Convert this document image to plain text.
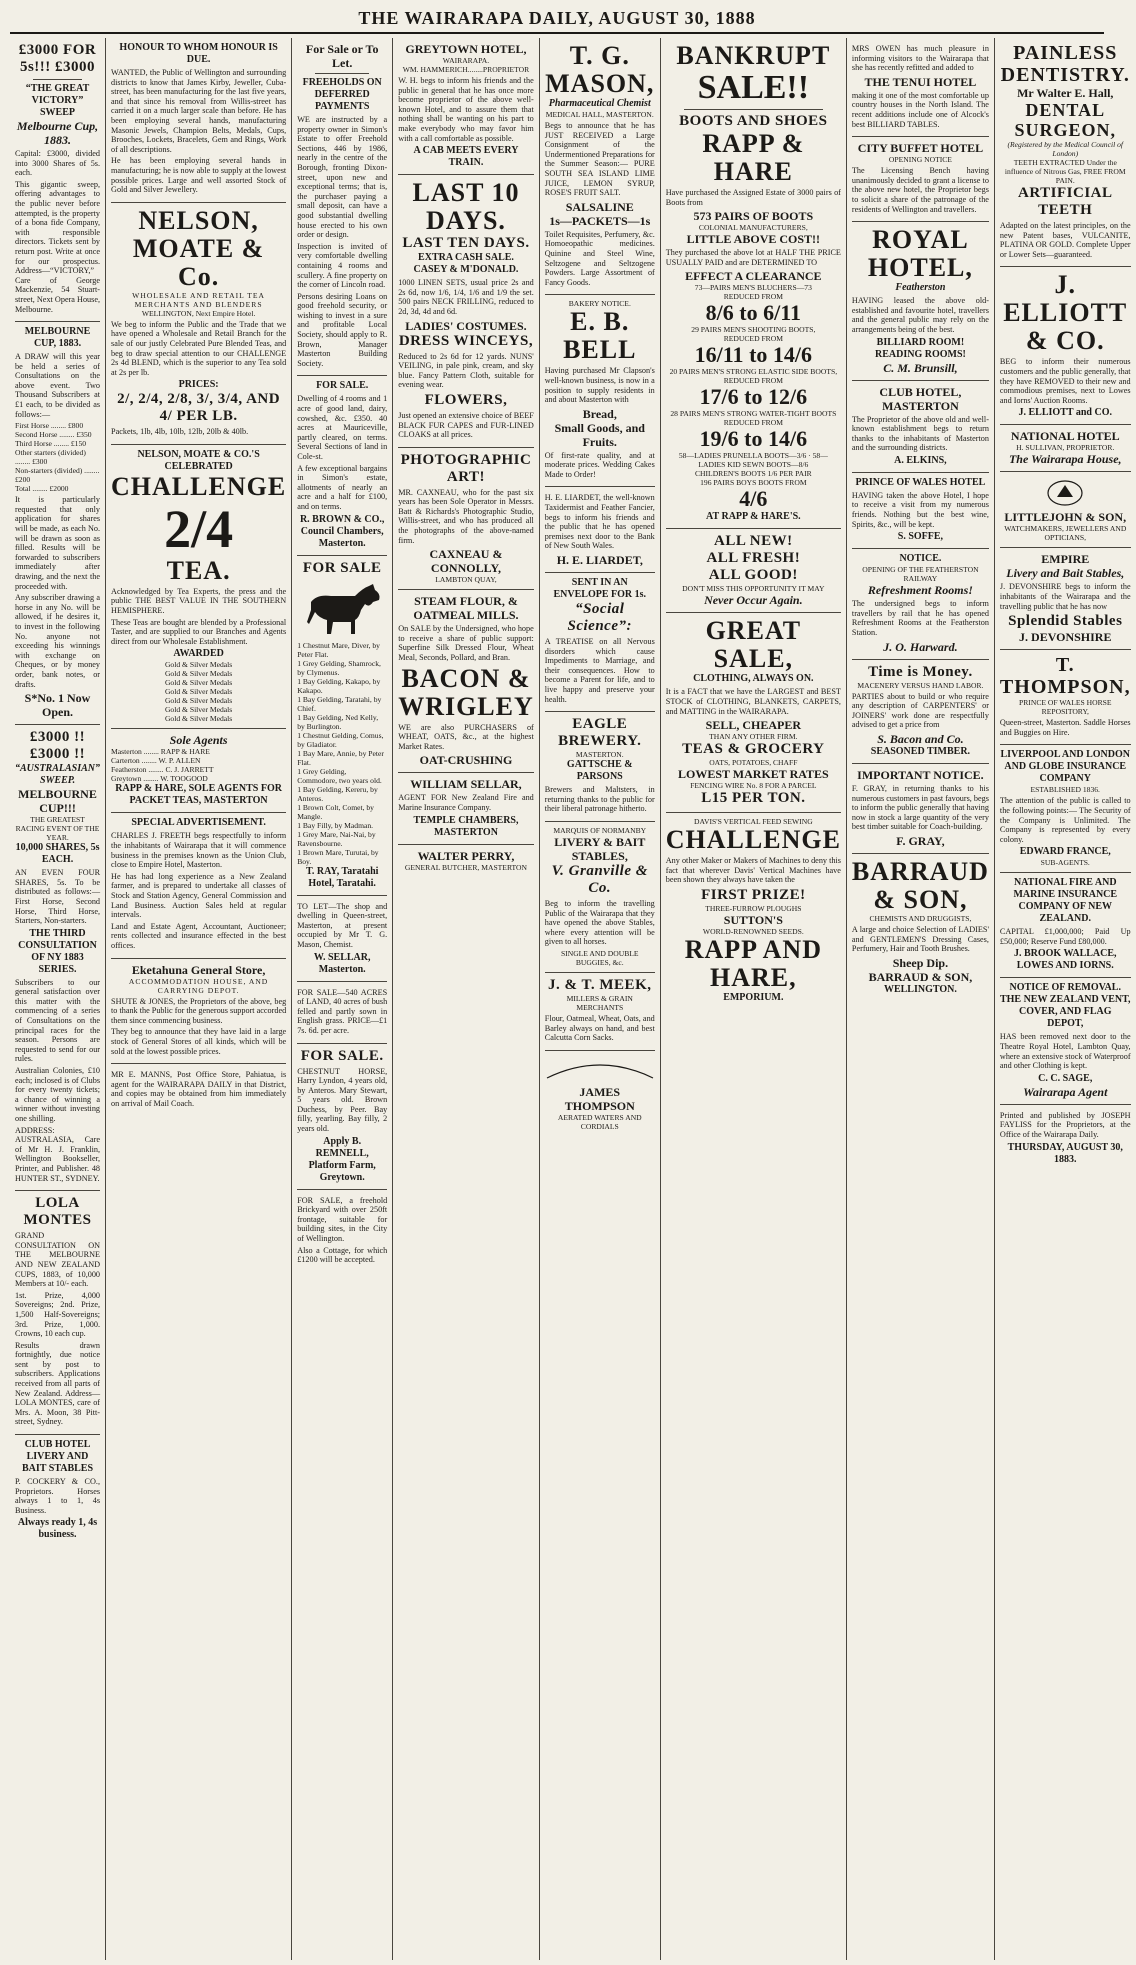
THE WAIRARAPA DAILY, AUGUST 30, 1888
£3000 FOR 5s!!! £3000
“THE GREAT VICTORY” SWEEP
Melbourne Cup, 1883.
Capital: £3000, divided into 3000 Shares of 5s. each.
This gigantic sweep, offering advantages to the public never before attempted, is the property of a bona fide Company, with responsible directors. Tickets sent by return post. Write at once for our prospectus. Address—“VICTORY,” Care of George Mackenzie, 54 Stuart-street, Next Opera House, Melbourne.
MELBOURNE CUP, 1883.
A DRAW will this year be held a series of Consultations on the above event. Two Thousand Subscribers at £1 each, to be divided as follows:—
First Horse ........ £800
Second Horse ........ £350
Third Horse ........ £150
Other starters (divided) ........ £300
Non-starters (divided) ........ £200
Total ........ £2000
It is particularly requested that only application for shares will be made, as each No. will be drawn as soon as filled. Results will be forwarded to subscribers immediately after drawing, and the next the proceeded with.
Any subscriber drawing a horse in any No. will be allowed, if he desires it, to invest in the following No. anyone not exceeding his winnings with exchange on Cheques, or by money order, bank notes, or drafts.
S*No. 1 Now Open.
£3000 !! £3000 !!
“AUSTRALASIAN” SWEEP.
MELBOURNE CUP!!!
THE GREATEST RACING EVENT OF THE YEAR.
10,000 SHARES, 5s EACH.
AN EVEN FOUR SHARES, 5s. To be distributed as follows:—First Horse, Second Horse, Third Horse, Starters, Non-starters.
THE THIRD CONSULTATION OF NY 1883 SERIES.
Subscribers to our general satisfaction over this matter with the commencing of a series of Consultations on the principal races for the season. Persons are requested to send for our rules.
Australian Colonies, £10 each; inclosed is of Clubs for every twenty tickets; a chance of winning a winner without investing one shilling.
ADDRESS: AUSTRALASIA, Care of Mr H. J. Franklin, Wellington Bookseller, Printer, and Publisher. 48 HUNTER ST., SYDNEY.
LOLA MONTES
GRAND CONSULTATION ON THE MELBOURNE AND NEW ZEALAND CUPS, 1883, of 10,000 Members at 10/- each.
1st. Prize, 4,000 Sovereigns; 2nd. Prize, 1,500 Half-Sovereigns; 3rd. Prize, 1,000. Crowns, 10 each cup.
Results drawn fortnightly, due notice sent by post to subscribers. Applications received from all parts of New Zealand. Address—LOLA MONTES, care of Mrs. A. Moon, 38 Pitt-street, Sydney.
CLUB HOTEL LIVERY AND BAIT STABLES
P. COCKERY & CO., Proprietors. Horses always 1 to 1, 4s Business.
Always ready 1, 4s business.
HONOUR TO WHOM HONOUR IS DUE.
WANTED, the Public of Wellington and surrounding districts to know that James Kirby, Jeweller, Cuba-street, has been manufacturing for the last five years, and that since his removal from Willis-street has carried it on a much larger scale than before. He has been employing several hands, manufacturing Masonic Jewels, Champion Belts, Medals, Cups, Brooches, Lockets, Bracelets, Gem and Rings, Work of all descriptions.
He has been employing several hands in manufacturing; he is now able to supply at the lowest possible prices. Large and well assorted Stock of Gold and Silver Jewellery.
NELSON, MOATE & Co.
WHOLESALE AND RETAIL TEA MERCHANTS AND BLENDERS
WELLINGTON, Next Empire Hotel.
We beg to inform the Public and the Trade that we have opened a Wholesale and Retail Branch for the sale of our justly Celebrated Pure Blended Teas, and beg to draw special attention to our CHALLENGE 2s 4d BLEND, which is the superior to any Tea sold at 2s per lb.
PRICES:
2/, 2/4, 2/8, 3/, 3/4, AND 4/ PER LB.
Packets, 1lb, 4lb, 10lb, 12lb, 20lb & 40lb.
NELSON, MOATE & CO.'S CELEBRATED
CHALLENGE
2/4
TEA.
Acknowledged by Tea Experts, the press and the public THE BEST VALUE IN THE SOUTHERN HEMISPHERE.
These Teas are bought are blended by a Professional Taster, and are supplied to our Branches and Agents direct from our Wholesale Establishment.
AWARDED
Gold & Silver Medals
Gold & Silver Medals
Gold & Silver Medals
Gold & Silver Medals
Gold & Silver Medals
Gold & Silver Medals
Gold & Silver Medals
Sole Agents
Masterton ........ RAPP & HARE
Carterton ........ W. P. ALLEN
Featherston ........ C. J. JARRETT
Greytown ........ W. TOOGOOD
RAPP & HARE, SOLE AGENTS FOR PACKET TEAS, MASTERTON
SPECIAL ADVERTISEMENT.
CHARLES J. FREETH begs respectfully to inform the inhabitants of Wairarapa that it will commence business in the premises known as the Union Club, close to Empire Hotel, Masterton.
He has had long experience as a New Zealand farmer, and is prepared to undertake all classes of Stock and Station Agency, General Commission and Land Business. Auction Sales held at regular intervals.
Land and Estate Agent, Accountant, Auctioneer; rents collected and insurance effected in the best offices.
Eketahuna General Store,
ACCOMMODATION HOUSE, AND CARRYING DEPOT.
SHUTE & JONES, the Proprietors of the above, beg to thank the Public for the generous support accorded them since commencing business.
They beg to announce that they have laid in a large stock of General Stores of all kinds, which will be sold at the lowest possible prices.
MR E. MANNS, Post Office Store, Pahiatua, is agent for the WAIRARAPA DAILY in that District, and copies may be obtained from him immediately on arrival of Mail Coach.
For Sale or To Let.
FREEHOLDS ON DEFERRED PAYMENTS
WE are instructed by a property owner in Simon's Estate to offer Freehold Sections, 446 by 1986, nearly in the centre of the Borough, fronting Dixon-street, upon new and exceptional terms; that is, the purchaser paying a small deposit, can have a good substantial dwelling house erected to his own order or design.
Inspection is invited of very comfortable dwelling containing 4 rooms and scullery. A fine property on the corner of Lincoln road.
Persons desiring Loans on good freehold security, or wishing to invest in a sure and profitable Local Society, should apply to R. Brown, Manager Masterton Building Society.
FOR SALE.
Dwelling of 4 rooms and 1 acre of good land, dairy, cowshed, &c. £350. 40 acres at Mauriceville, partly cleared, on terms. Several Sections of land in Cole-st.
A few exceptional bargains in Simon's estate, allotments of nearly an acre and a half for £100, and on terms.
R. BROWN & CO., Council Chambers, Masterton.
FOR SALE
1 Chestnut Mare, Diver, by Peter Flat.
1 Grey Gelding, Shamrock, by Clymenus.
1 Bay Gelding, Kakapo, by Kakapo.
1 Bay Gelding, Taratahi, by Chief.
1 Bay Gelding, Ned Kelly, by Burlington.
1 Chestnut Gelding, Comus, by Gladiator.
1 Bay Mare, Annie, by Peter Flat.
1 Grey Gelding, Commodore, two years old.
1 Bay Gelding, Kereru, by Anteros.
1 Brown Colt, Comet, by Mangle.
1 Bay Filly, by Madman.
1 Grey Mare, Nai-Nai, by Ravensbourne.
1 Brown Mare, Turutai, by Boy.
T. RAY, Taratahi Hotel, Taratahi.
TO LET—The shop and dwelling in Queen-street, Masterton, at present occupied by Mr T. G. Mason, Chemist.
W. SELLAR, Masterton.
FOR SALE—540 ACRES of LAND, 40 acres of bush felled and partly sown in English grass. PRICE—£1 7s. 6d. per acre.
FOR SALE.
CHESTNUT HORSE, Harry Lyndon, 4 years old, by Anteros. Mary Stewart, 5 years old. Brown Duchess, by Peer. Bay filly, yearling. Bay filly, 2 years old.
Apply B. REMNELL, Platform Farm, Greytown.
FOR SALE, a freehold Brickyard with over 250ft frontage, suitable for building sites, in the City of Wellington.
Also a Cottage, for which £1200 will be accepted.
GREYTOWN HOTEL,
WAIRARAPA.
WM. HAMMERICH........PROPRIETOR
W. H. begs to inform his friends and the public in general that he has once more become proprietor of the above well-known Hotel, and to assure them that nothing shall be wanting on his part to make everybody who may favor him with a call comfortable as possible.
A CAB MEETS EVERY TRAIN.
LAST 10 DAYS.
LAST TEN DAYS.
EXTRA CASH SALE.
CASEY & M'DONALD.
1000 LINEN SETS, usual price 2s and 2s 6d, now 1/6, 1/4, 1/6 and 1/9 the set. 500 pairs NECK FRILLING, reduced to 2d, 3d, 4d and 6d.
LADIES' COSTUMES.
DRESS WINCEYS,
Reduced to 2s 6d for 12 yards. NUNS' VEILING, in pale pink, cream, and sky blue. Fancy Pattern Cloth, suitable for evening wear.
FLOWERS,
Just opened an extensive choice of BEEF BLACK FUR CAPES and FUR-LINED CLOAKS at all prices.
PHOTOGRAPHIC ART!
MR. CAXNEAU, who for the past six years has been Sole Operator in Messrs. Batt & Richards's Photographic Studio, Willis-street, and who has produced all the photographs of the above-named firm.
CAXNEAU & CONNOLLY,
LAMBTON QUAY,
STEAM FLOUR, & OATMEAL MILLS.
On SALE by the Undersigned, who hope to receive a share of public support: Superfine Silk Dressed Flour, Wheat Meal, Seconds, Pollard, and Bran.
BACON & WRIGLEY
WE are also PURCHASERS of WHEAT, OATS, &c., at the highest Market Rates.
OAT-CRUSHING
WILLIAM SELLAR,
AGENT FOR New Zealand Fire and Marine Insurance Company.
TEMPLE CHAMBERS, MASTERTON
WALTER PERRY,
GENERAL BUTCHER, MASTERTON
T. G. MASON,
Pharmaceutical Chemist
MEDICAL HALL, MASTERTON.
Begs to announce that he has JUST RECEIVED a Large Consignment of the Undermentioned Preparations for the Summer Season:— PURE SOUTH SEA ISLAND LIME JUICE, LEMON SYRUP, ROSE'S FRUIT SALT.
SALSALINE
1s—PACKETS—1s
Toilet Requisites, Perfumery, &c. Homoeopathic medicines. Quinine and Steel Wine, Seltzogene and Seltzogene Powders. Large Assortment of Fancy Goods.
BAKERY NOTICE.
E. B. BELL
Having purchased Mr Clapson's well-known business, is now in a position to supply residents in and about Masterton with
Bread,
Small Goods, and Fruits.
Of first-rate quality, and at moderate prices. Wedding Cakes Made to Order!
H. E. LIARDET, the well-known Taxidermist and Feather Fancier, begs to inform his friends and the public that he has opened premises next door to the Bank of New South Wales.
H. E. LIARDET,
SENT IN AN ENVELOPE FOR 1s.
“Social Science”:
A TREATISE on all Nervous disorders which cause Impediments to Marriage, and their consequences. How to become a Parent for life, and to live happy and preserve your health.
EAGLE BREWERY.
MASTERTON.
GATTSCHE & PARSONS
Brewers and Maltsters, in returning thanks to the public for their liberal patronage hitherto.
MARQUIS OF NORMANBY
LIVERY & BAIT STABLES,
V. Granville & Co.
Beg to inform the travelling Public of the Wairarapa that they have opened the above Stables, where every attention will be given to all horses.
SINGLE AND DOUBLE BUGGIES, &c.
J. & T. MEEK,
MILLERS & GRAIN MERCHANTS
Flour, Oatmeal, Wheat, Oats, and Barley always on hand, and best Calcutta Corn Sacks.
JAMES THOMPSON
AERATED WATERS AND CORDIALS
BANKRUPT
SALE!!
BOOTS AND SHOES
RAPP & HARE
Have purchased the Assigned Estate of 3000 pairs of Boots from
573 PAIRS OF BOOTS
COLONIAL MANUFACTURERS,
LITTLE ABOVE COST!!
They purchased the above lot at HALF THE PRICE USUALLY PAID and are DETERMINED TO
EFFECT A CLEARANCE
73—PAIRS MEN'S BLUCHERS—73
REDUCED FROM
8/6 to 6/11
29 PAIRS MEN'S SHOOTING BOOTS,
REDUCED FROM
16/11 to 14/6
20 PAIRS MEN'S STRONG ELASTIC SIDE BOOTS,
REDUCED FROM
17/6 to 12/6
28 PAIRS MEN'S STRONG WATER-TIGHT BOOTS
REDUCED FROM
19/6 to 14/6
58—LADIES PRUNELLA BOOTS—3/6 · 58—LADIES KID SEWN BOOTS—8/6
CHILDREN'S BOOTS 1/6 PER PAIR
196 PAIRS BOYS BOOTS FROM
4/6
AT RAPP & HARE'S.
ALL NEW!
ALL FRESH!
ALL GOOD!
DON'T MISS THIS OPPORTUNITY IT MAY
Never Occur Again.
GREAT SALE,
CLOTHING, ALWAYS ON.
It is a FACT that we have the LARGEST and BEST STOCK of CLOTHING, BLANKETS, CARPETS, and MATTING in the WAIRARAPA.
SELL, CHEAPER
THAN ANY OTHER FIRM.
TEAS & GROCERY
OATS, POTATOES, CHAFF
LOWEST MARKET RATES
FENCING WIRE No. 8 FOR A PARCEL
L15 PER TON.
DAVIS'S VERTICAL FEED SEWING
CHALLENGE
Any other Maker or Makers of Machines to deny this fact that wherever Davis' Vertical Machines have been shown they always have taken the
FIRST PRIZE!
THREE-FURROW PLOUGHS
SUTTON'S
WORLD-RENOWNED SEEDS.
RAPP AND HARE,
EMPORIUM.
MRS OWEN has much pleasure in informing visitors to the Wairarapa that she has recently refitted and added to
THE TENUI HOTEL
making it one of the most comfortable up country houses in the North Island. The recent additions include one of Alcock's best BILLIARD TABLES.
CITY BUFFET HOTEL
OPENING NOTICE
The Licensing Bench having unanimously decided to grant a license to the above new hotel, the Proprietor begs to solicit a share of the patronage of the residents of Wellington and travellers.
ROYAL HOTEL,
Featherston
HAVING leased the above old-established and favourite hotel, travellers and the general public may rely on the arrangements being of the best.
BILLIARD ROOM! READING ROOMS!
C. M. Brunsill,
CLUB HOTEL, MASTERTON
The Proprietor of the above old and well-known establishment begs to return thanks to the inhabitants of Masterton and the surrounding districts.
A. ELKINS,
PRINCE OF WALES HOTEL
HAVING taken the above Hotel, I hope to receive a visit from my numerous friends. Nothing but the best wine, Spirits, &c., will be kept.
S. SOFFE,
NOTICE.
OPENING OF THE FEATHERSTON RAILWAY
Refreshment Rooms!
The undersigned begs to inform travellers by rail that he has opened Refreshment Rooms at the Featherston Station.
J. O. Harward.
Time is Money.
MACENERY VERSUS HAND LABOR.
PARTIES about to build or who require any description of CARPENTERS' or JOINERS' work done are respectfully advised to get a price from
S. Bacon and Co.
SEASONED TIMBER.
IMPORTANT NOTICE.
F. GRAY, in returning thanks to his numerous customers in past favours, begs to inform the public generally that having now in stock a large quantity of the very best timber suitable for Coach-building.
F. GRAY,
BARRAUD & SON,
CHEMISTS AND DRUGGISTS,
A large and choice Selection of LADIES' and GENTLEMEN'S Dressing Cases, Perfumery, Hair and Tooth Brushes.
Sheep Dip.
BARRAUD & SON,
WELLINGTON.
PAINLESS DENTISTRY.
Mr Walter E. Hall,
DENTAL SURGEON,
(Registered by the Medical Council of London)
TEETH EXTRACTED Under the influence of Nitrous Gas, FREE FROM PAIN.
ARTIFICIAL TEETH
Adapted on the latest principles, on the new Patent bases, VULCANITE, PLATINA OR GOLD. Complete Upper or Lower Sets—guaranteed.
J. ELLIOTT & CO.
BEG to inform their numerous customers and the public generally, that they have REMOVED to their new and commodious premises, next to Lowes and Iorns' Auction Rooms.
J. ELLIOTT and CO.
NATIONAL HOTEL
H. SULLIVAN, PROPRIETOR.
The Wairarapa House,
LITTLEJOHN & SON,
WATCHMAKERS, JEWELLERS AND OPTICIANS,
EMPIRE
Livery and Bait Stables,
J. DEVONSHIRE begs to inform the inhabitants of the Wairarapa and the travelling public that he has now
Splendid Stables
J. DEVONSHIRE
T. THOMPSON,
PRINCE OF WALES HORSE REPOSITORY,
Queen-street, Masterton. Saddle Horses and Buggies on Hire.
LIVERPOOL AND LONDON AND GLOBE INSURANCE COMPANY
ESTABLISHED 1836.
The attention of the public is called to the following points:— The Security of the Company is Unlimited. The Company is represented by every colony.
EDWARD FRANCE,
SUB-AGENTS.
NATIONAL FIRE AND MARINE INSURANCE COMPANY OF NEW ZEALAND.
CAPITAL £1,000,000; Paid Up £50,000; Reserve Fund £80,000.
J. BROOK WALLACE,
LOWES AND IORNS.
NOTICE OF REMOVAL.
THE NEW ZEALAND VENT, COVER, AND FLAG DEPOT,
HAS been removed next door to the Theatre Royal Hotel, Lambton Quay, where an extensive stock of Waterproof and other Clothing is kept.
C. C. SAGE,
Wairarapa Agent
Printed and published by JOSEPH FAYLISS for the Proprietors, at the Office of the Wairarapa Daily.
THURSDAY, AUGUST 30, 1883.
